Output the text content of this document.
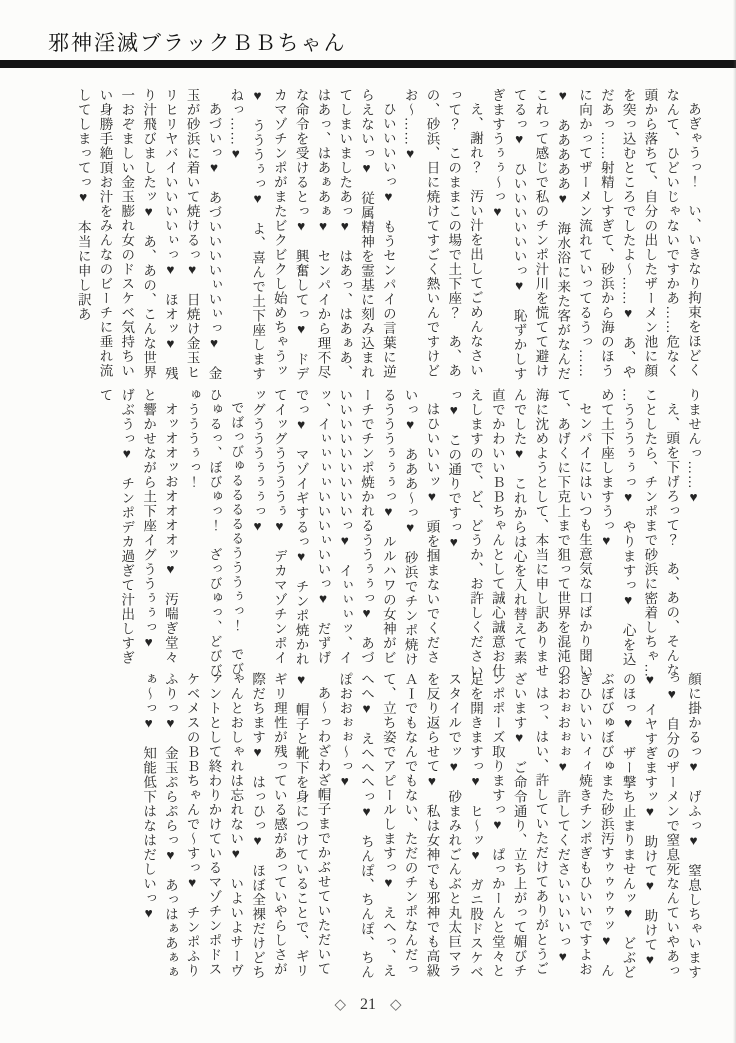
邪神淫滅ブラックＢＢちゃん

あぎゃうっ！　い、いきなり拘束をほどくなんて、ひどいじゃないですかあ……危なく頭から落ちて、自分の出したザーメン池に顔を突っ込むところでしたよ～……♥　あ、やだあっ……射精しすぎて、砂浜から海のほうに向かってザーメン流れていってるうっ……♥　あああああ♥　海水浴に来た客がなんだこれって感じで私のチンポ汁川を慌てて避けてるっ♥　ひいいいいいいっ♥　恥ずかしすぎますうぅぅ～っ♥

え、謝れ？　汚い汁を出してごめんなさいって？　このままこの場で土下座？　あ、あの、砂浜、日に焼けてすごく熱いんですけどお～……♥

ひいいいいっ♥　もうセンパイの言葉に逆らえないっ♥　従属精神を霊基に刻み込まれてしまいましたあっ♥　はあっ、はあぁあ、はあっ、はあぁあぁ♥　センパイから理不尽な命令を受けるとっ♥　興奮してっ♥　ドデカマゾチンポがまたビクビクし始めちゃうッ♥　うううぅっ♥　よ、喜んで土下座しますねっ……♥

あづいっ♥　あづいいいいぃいぃっ♥　金玉が砂浜に着いて焼けるっ♥　日焼け金玉ヒリヒリヤバイいいいいぃっ♥　ほオッ♥　残り汁飛びましたッ♥　あ、あの、こんな世界一おぞましい金玉膨れ女のドスケベ気持ちいい身勝手絶頂お汁をみんなのビーチに垂れ流してしまってっ♥　本当に申し訳あ

りませんっ……♥

え、頭を下げろって？　あ、あの、そんなことしたら、チンポまで砂浜に密着しちゃ……うううぅぅっ♥　やりますっ♥　心を込めて土下座しますうっ♥

センパイにはいつも生意気な口ばかり聞いて、あげくに下克上まで狙って世界を混沌の海に沈めようとして、本当に申し訳ありませんでした♥　これからは心を入れ替えて素直でかわいいＢＢちゃんとして誠心誠意お仕えしますので、ど、どうか、お許しくださいっ♥　この通りですっ♥

はひいいいッ♥　頭を掴まないでくださいっ♥　あああ～っ♥　砂浜でチンポ焼けるうううぅぅぅっ♥　ルルハワの女神がビーチでチンポ焼かれるううぅぅっ♥　あづいいいいいいいいいっ♥　イぃぃぃッ、イッ、イぃぃぃぃいいいぃいいっ♥　だずげでっ♥　マゾイギするっ♥　チンポ焼かれてイッグううううぅ♥　デカマゾチンポイッグうううぅぅぅっ♥

でばっびゅるるるるるうううぅっ！　でびひゅるっ、ぼびゅっ！　ざっびゅっ、どびびゅうううぅっ！

オッオオッおオオオオッ♥　汚喘ぎ堂々と響かせながら土下座イグううぅぅっ♥　げぶうっ♥　チンポデカ過ぎて汁出しすぎて

顔に掛かるっ♥　げふっ♥　窒息しちゃいますっ♥　自分のザーメンで窒息死なんていやあっ♥　イヤすぎますッ♥　助けて♥　助けて♥　のほっ♥　ザー撃ち止まりませんッ♥　どぶどぶぼびゅぼびゅまた砂浜汚すゥゥゥゥッ♥　んぎひいいいィィ焼きチンポぎもひいいですよおおおぉおぉぉ♥　許してくださいいいいっ♥

はっ、はい、許していただけてありがとうございます♥　ご命令通り、立ち上がって媚びチンポポーズ取りますっ♥　ぱっかーんと堂々と足を開きますっ♥　ヒ～ッ♥　ガニ股ドスケベスタイルでッ♥　砂まみれごんぶと丸太巨マラを反り返らせて♥　私は女神でも邪神でも高級ＡＩでもなんでもない、ただのチンポなんだって、立ち姿でアピールしますっ♥　えへっ、えへへ♥　えへへへっ♥　ちんぽ、ちんぽ、ちんぽおおぉぉ～っ♥

あ～っわざわざ帽子までかぶせていただいて♥　帽子と靴下を身につけていることで、ギリギリ理性が残っている感があっていやらしさが際だちます♥　はっひっ♥　ほぼ全裸だけどちゃんとおしゃれは忘れない♥　いよいよサーヴァントとして終わりかけているマゾチンポドスケベメスのＢＢちゃんで～すっ♥　チンポふりふりっ♥　金玉ぷらぷらっ♥　あっはぁあぁぁぁ～っ♥　知能低下はなはだしいっ♥

◇ 21 ◇
